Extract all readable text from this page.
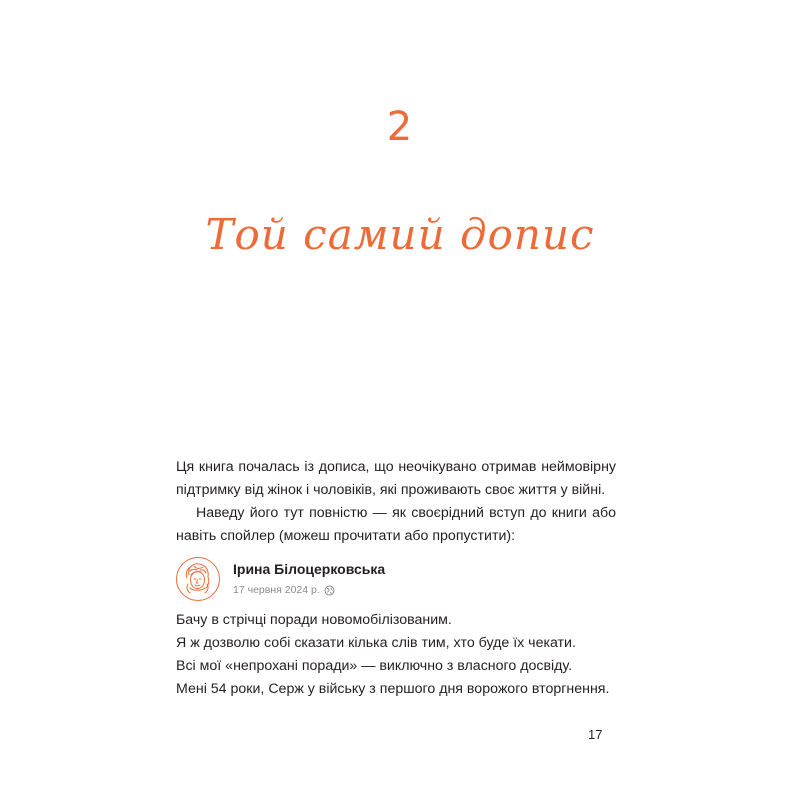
2
Той самий допис

Ця книга почалась із дописа, що неочікувано отримав неймовірну підтримку від жінок і чоловіків, які проживають своє життя у війні.

Наведу його тут повністю — як своєрідний вступ до книги або навіть спойлер (можеш прочитати або пропустити):

Ірина Білоцерковська
17 червня 2024 р.

Бачу в стрічці поради новомобілізованим.

Я ж дозволю собі сказати кілька слів тим, хто буде їх чекати.

Всі мої «непрохані поради» — виключно з власного досвіду.

Мені 54 роки, Серж у війську з першого дня ворожого вторгнення.

17
